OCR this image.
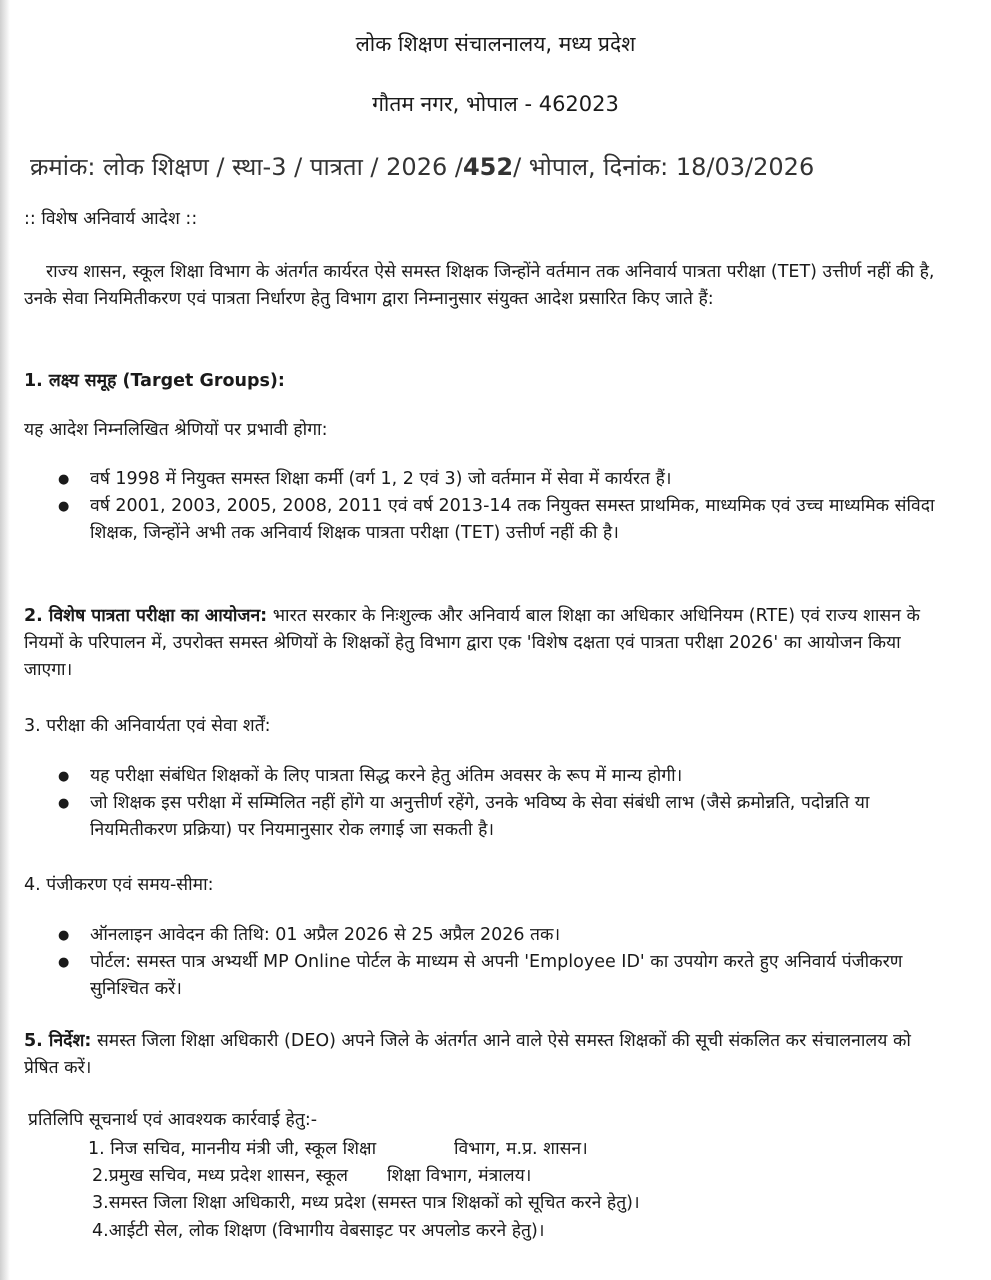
लोक शिक्षण संचालनालय, मध्य प्रदेश
गौतम नगर, भोपाल - 462023
क्रमांक: लोक शिक्षण / स्था-3 / पात्रता / 2026 /452/ भोपाल, दिनांक: 18/03/2026
:: विशेष अनिवार्य आदेश ::
राज्य शासन, स्कूल शिक्षा विभाग के अंतर्गत कार्यरत ऐसे समस्त शिक्षक जिन्होंने वर्तमान तक अनिवार्य पात्रता परीक्षा (TET) उत्तीर्ण नहीं की है, उनके सेवा नियमितीकरण एवं पात्रता निर्धारण हेतु विभाग द्वारा निम्नानुसार संयुक्त आदेश प्रसारित किए जाते हैं:
1. लक्ष्य समूह (Target Groups):
यह आदेश निम्नलिखित श्रेणियों पर प्रभावी होगा:
● वर्ष 1998 में नियुक्त समस्त शिक्षा कर्मी (वर्ग 1, 2 एवं 3) जो वर्तमान में सेवा में कार्यरत हैं।
● वर्ष 2001, 2003, 2005, 2008, 2011 एवं वर्ष 2013-14 तक नियुक्त समस्त प्राथमिक, माध्यमिक एवं उच्च माध्यमिक संविदा शिक्षक, जिन्होंने अभी तक अनिवार्य शिक्षक पात्रता परीक्षा (TET) उत्तीर्ण नहीं की है।
2. विशेष पात्रता परीक्षा का आयोजन: भारत सरकार के निःशुल्क और अनिवार्य बाल शिक्षा का अधिकार अधिनियम (RTE) एवं राज्य शासन के नियमों के परिपालन में, उपरोक्त समस्त श्रेणियों के शिक्षकों हेतु विभाग द्वारा एक 'विशेष दक्षता एवं पात्रता परीक्षा 2026' का आयोजन किया जाएगा।
3. परीक्षा की अनिवार्यता एवं सेवा शर्तें:
● यह परीक्षा संबंधित शिक्षकों के लिए पात्रता सिद्ध करने हेतु अंतिम अवसर के रूप में मान्य होगी।
● जो शिक्षक इस परीक्षा में सम्मिलित नहीं होंगे या अनुत्तीर्ण रहेंगे, उनके भविष्य के सेवा संबंधी लाभ (जैसे क्रमोन्नति, पदोन्नति या नियमितीकरण प्रक्रिया) पर नियमानुसार रोक लगाई जा सकती है।
4. पंजीकरण एवं समय-सीमा:
● ऑनलाइन आवेदन की तिथि: 01 अप्रैल 2026 से 25 अप्रैल 2026 तक।
● पोर्टल: समस्त पात्र अभ्यर्थी MP Online पोर्टल के माध्यम से अपनी 'Employee ID' का उपयोग करते हुए अनिवार्य पंजीकरण सुनिश्चित करें।
5. निर्देश: समस्त जिला शिक्षा अधिकारी (DEO) अपने जिले के अंतर्गत आने वाले ऐसे समस्त शिक्षकों की सूची संकलित कर संचालनालय को प्रेषित करें।
प्रतिलिपि सूचनार्थ एवं आवश्यक कार्रवाई हेतु:-
1. निज सचिव, माननीय मंत्री जी, स्कूल शिक्षा              विभाग, म.प्र. शासन।
2.प्रमुख सचिव, मध्य प्रदेश शासन, स्कूल       शिक्षा विभाग, मंत्रालय।
3.समस्त जिला शिक्षा अधिकारी, मध्य प्रदेश (समस्त पात्र शिक्षकों को सूचित करने हेतु)।
4.आईटी सेल, लोक शिक्षण (विभागीय वेबसाइट पर अपलोड करने हेतु)।
